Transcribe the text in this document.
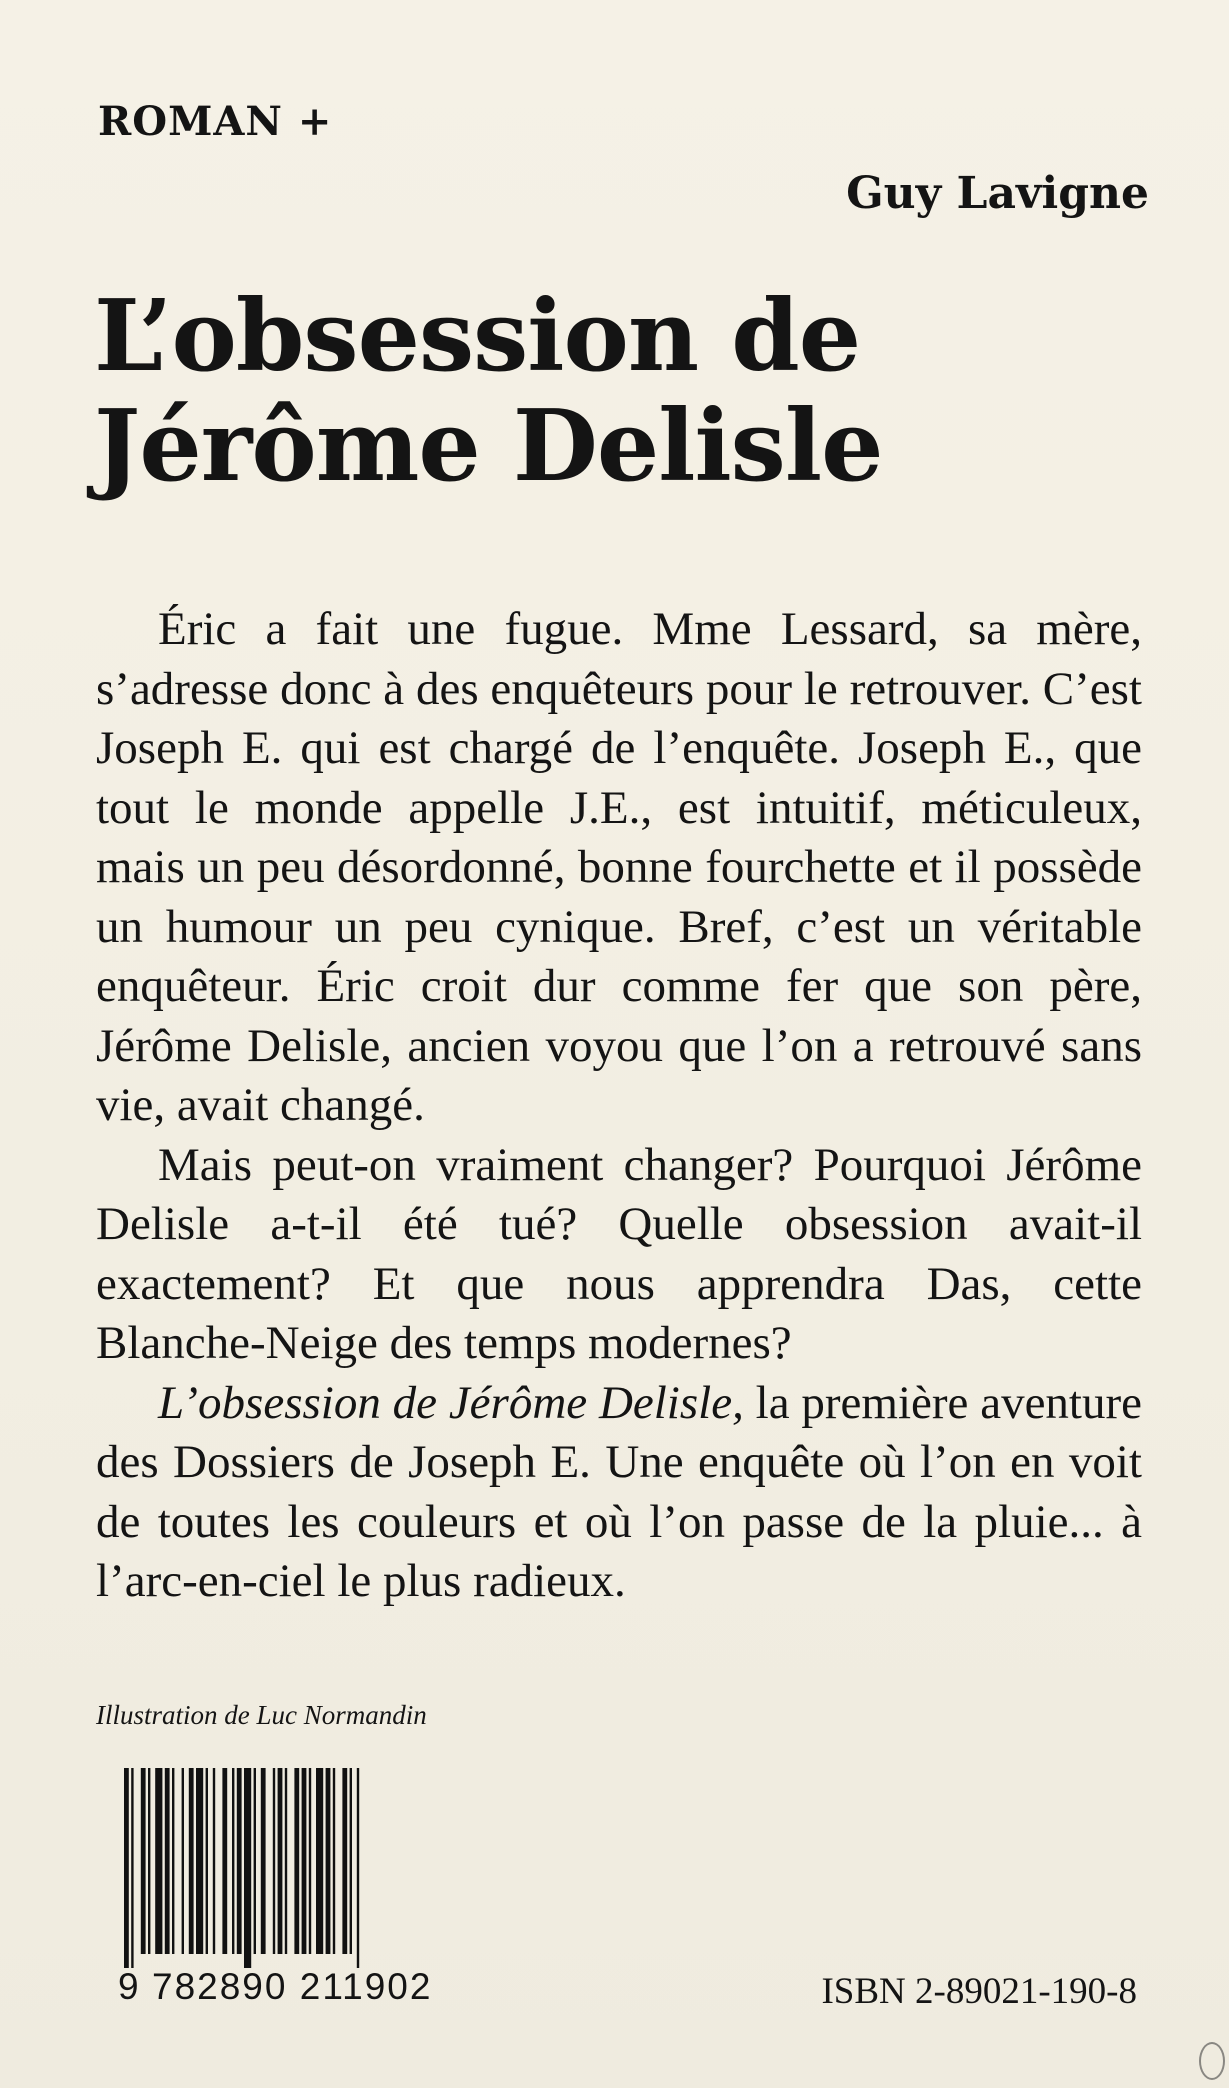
ROMAN +
Guy Lavigne
L’obsession de
Jérôme Delisle

Éric a fait une fugue. Mme Lessard, sa mère, s’adresse donc à des enquêteurs pour le retrouver. C’est Joseph E. qui est chargé de l’enquête. Joseph E., que tout le monde appelle J.E., est intuitif, méticuleux, mais un peu désordonné, bonne fourchette et il possède un humour un peu cynique. Bref, c’est un véritable enquêteur. Éric croit dur comme fer que son père, Jérôme Delisle, ancien voyou que l’on a retrouvé sans vie, avait changé.

Mais peut-on vraiment changer? Pourquoi Jérôme Delisle a-t-il été tué? Quelle obsession avait-il exactement? Et que nous apprendra Das, cette Blanche-Neige des temps modernes?

L’obsession de Jérôme Delisle, la première aventure des Dossiers de Joseph E. Une enquête où l’on en voit de toutes les couleurs et où l’on passe de la pluie... à l’arc-en-ciel le plus radieux.

Illustration de Luc Normandin
9 782890 211902	ISBN 2-89021-190-8
